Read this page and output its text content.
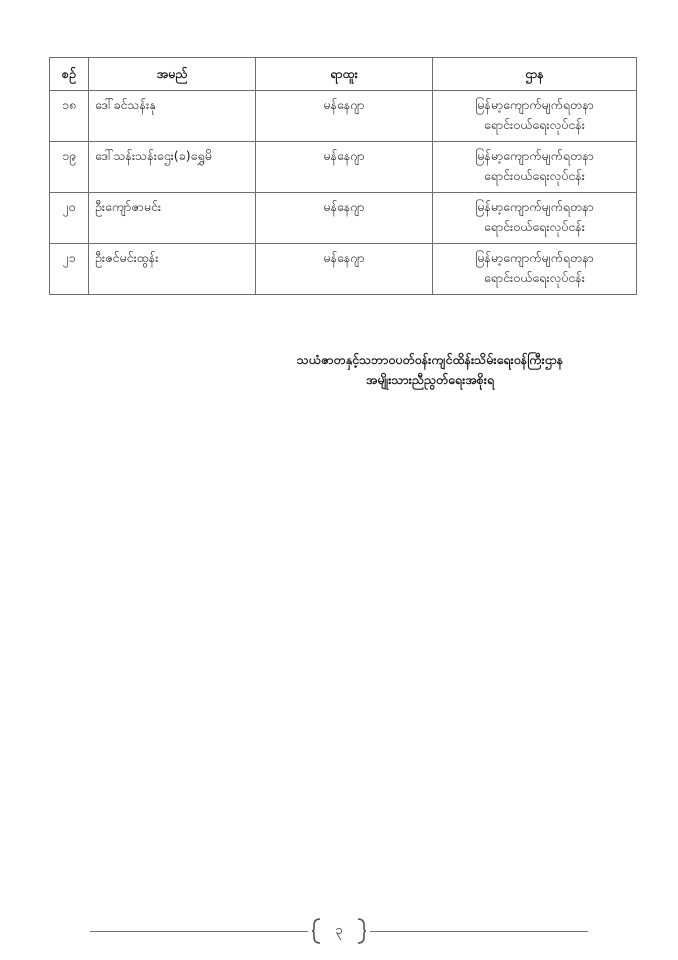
စဉ်	အမည်	ရာထူး	ဌာန
၁၈	ဒေါ်ခင်သန်းနု	မန်နေဂျာ	မြန်မာ့ကျောက်မျက်ရတနာ
ရောင်း၀ယ်ရေးလုပ်ငန်း

၁၉	ဒေါ်သန်းသန်းဌေး(ခ)ရွှေမိ	မန်နေဂျာ	မြန်မာ့ကျောက်မျက်ရတနာ
ရောင်း၀ယ်ရေးလုပ်ငန်း

၂၀	ဦးကျော်ဇာမင်း	မန်နေဂျာ	မြန်မာ့ကျောက်မျက်ရတနာ
ရောင်း၀ယ်ရေးလုပ်ငန်း

၂၁	ဦးဇင်မင်းထွန်း	မန်နေဂျာ	မြန်မာ့ကျောက်မျက်ရတနာ
ရောင်း၀ယ်ရေးလုပ်ငန်း
သယံဇာတနှင့်သဘာဝပတ်ဝန်းကျင်ထိန်းသိမ်းရေးဝန်ကြီးဌာန
အမျိုးသားညီညွတ်ရေးအစိုးရ
၃
